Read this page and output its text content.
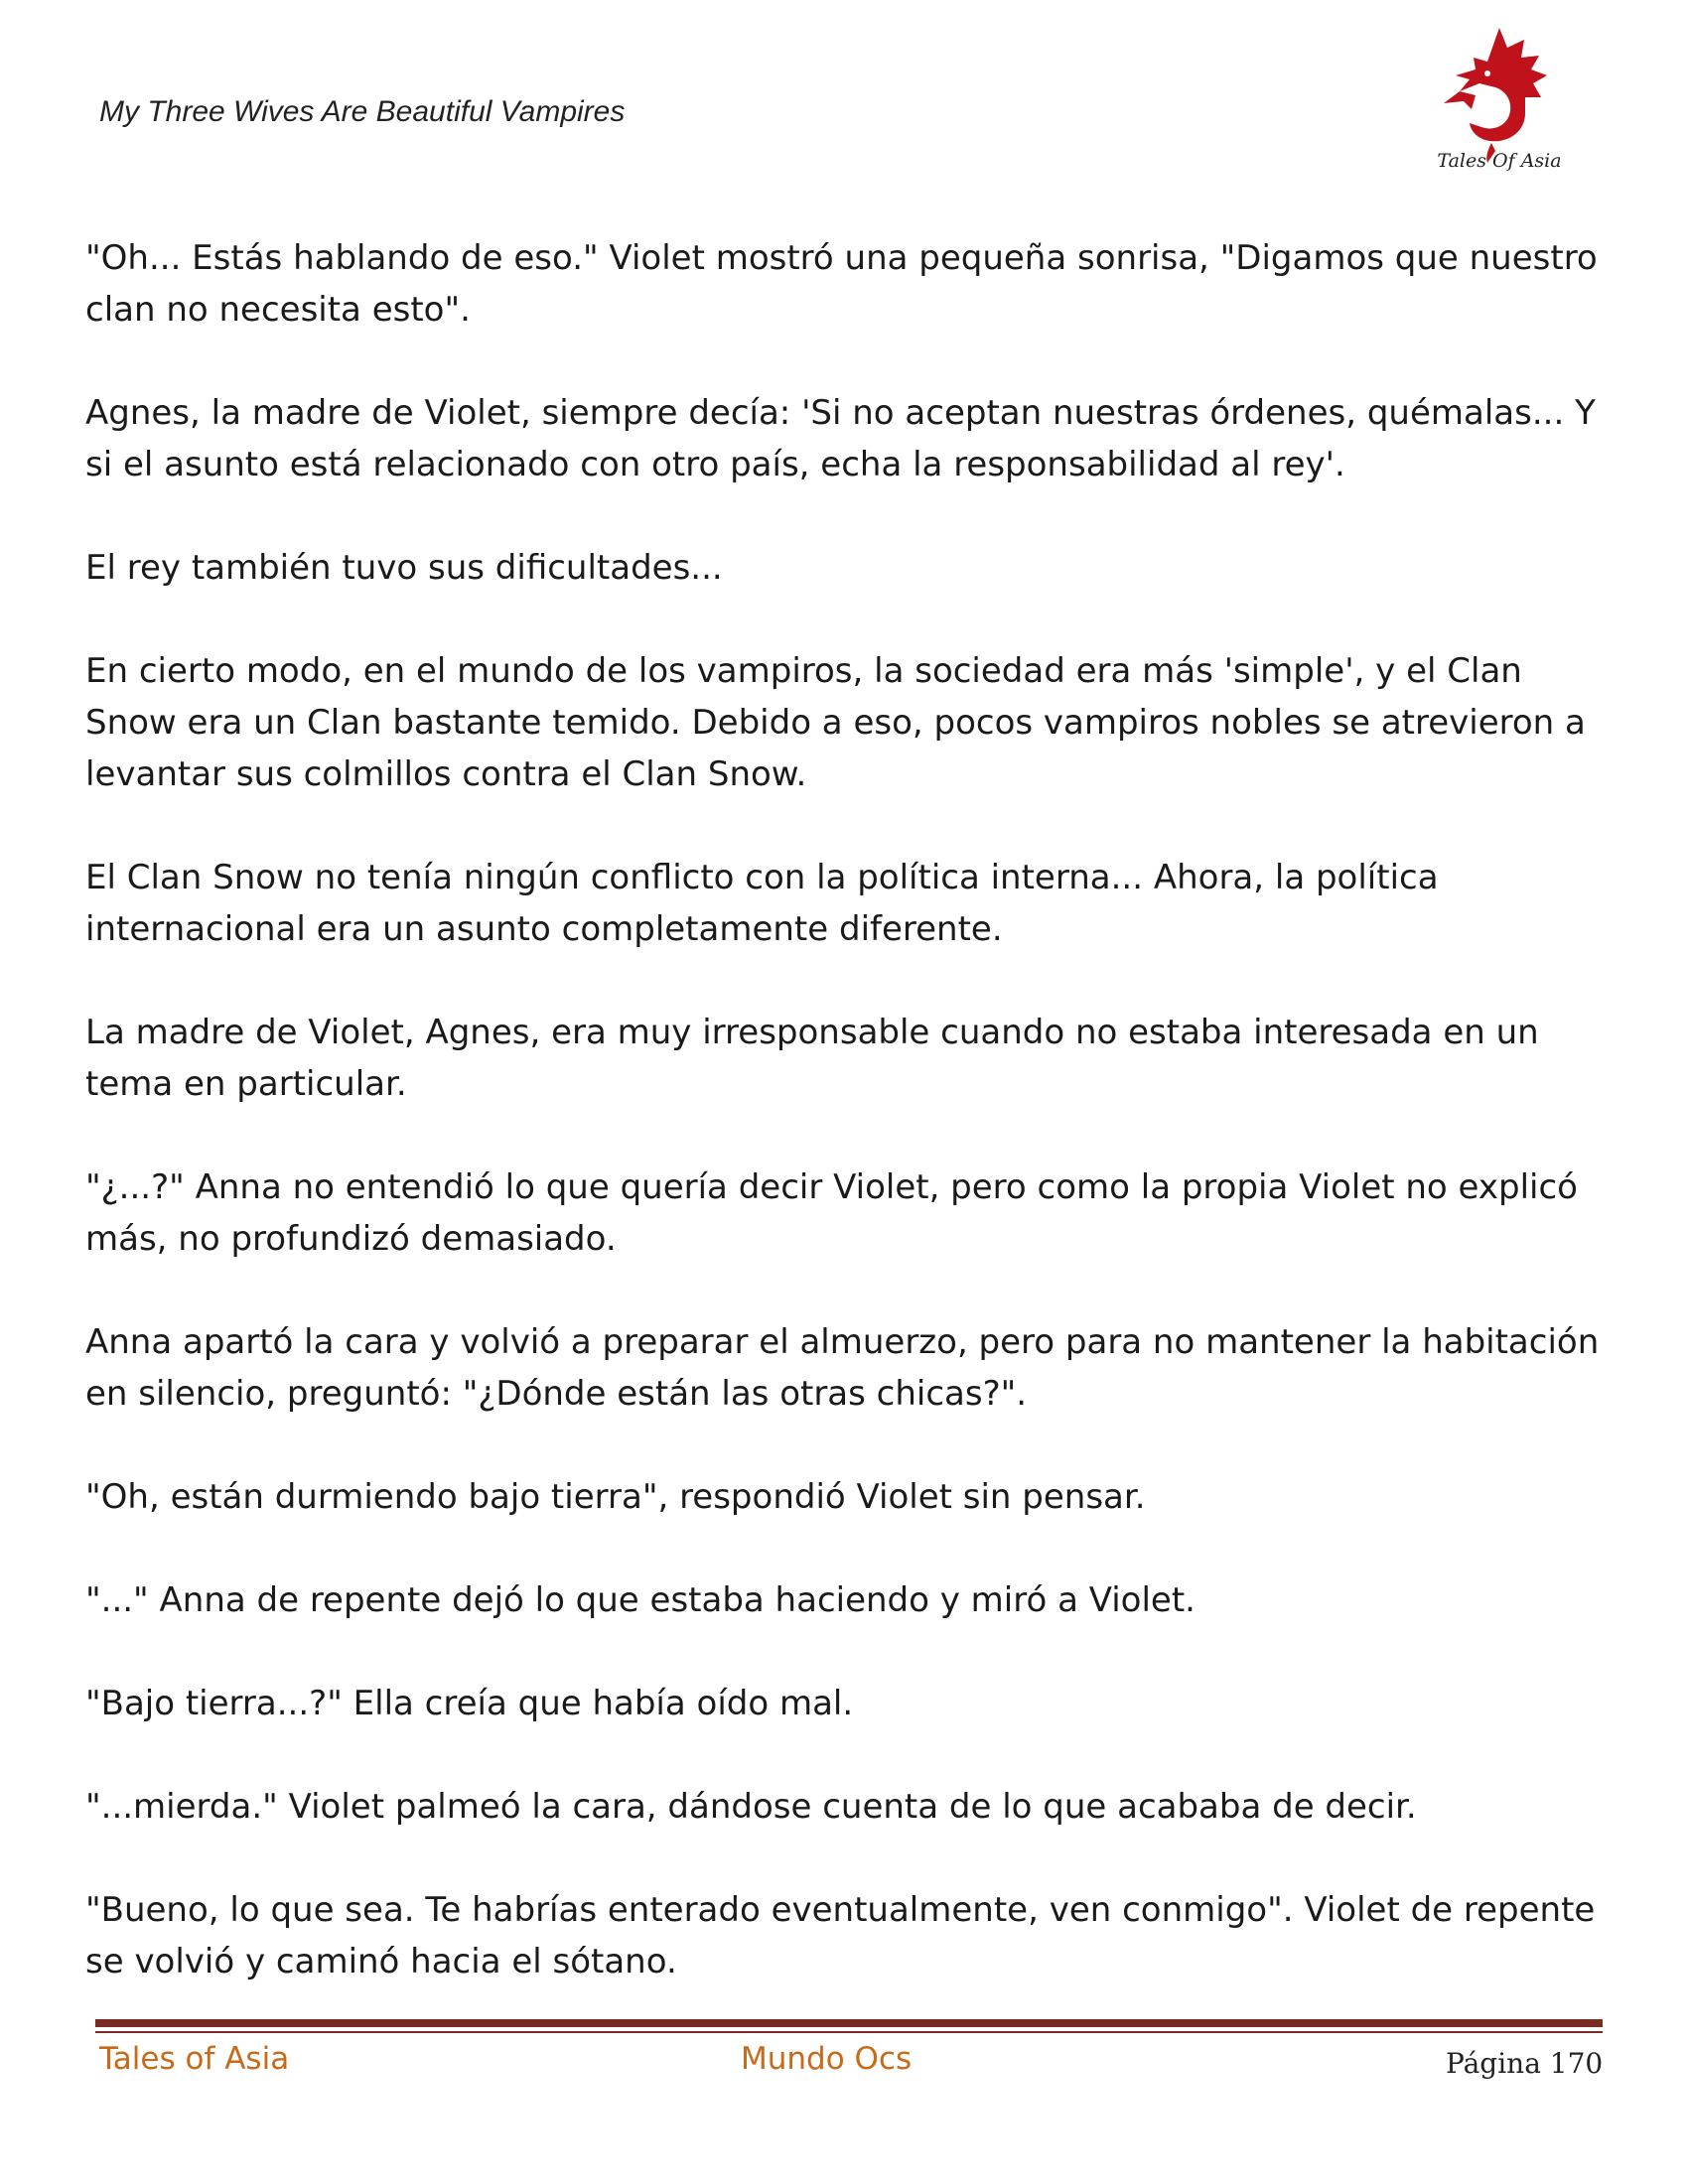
My Three Wives Are Beautiful Vampires
Tales Of Asia

"Oh... Estás hablando de eso." Violet mostró una pequeña sonrisa, "Digamos que nuestro clan no necesita esto".

Agnes, la madre de Violet, siempre decía: 'Si no aceptan nuestras órdenes, quémalas... Y si el asunto está relacionado con otro país, echa la responsabilidad al rey'.

El rey también tuvo sus dificultades...

En cierto modo, en el mundo de los vampiros, la sociedad era más 'simple', y el Clan Snow era un Clan bastante temido. Debido a eso, pocos vampiros nobles se atrevieron a levantar sus colmillos contra el Clan Snow.

El Clan Snow no tenía ningún conflicto con la política interna... Ahora, la política internacional era un asunto completamente diferente.

La madre de Violet, Agnes, era muy irresponsable cuando no estaba interesada en un tema en particular.

"¿...?" Anna no entendió lo que quería decir Violet, pero como la propia Violet no explicó más, no profundizó demasiado.

Anna apartó la cara y volvió a preparar el almuerzo, pero para no mantener la habitación en silencio, preguntó: "¿Dónde están las otras chicas?".

"Oh, están durmiendo bajo tierra", respondió Violet sin pensar.

"..." Anna de repente dejó lo que estaba haciendo y miró a Violet.

"Bajo tierra...?" Ella creía que había oído mal.

"...mierda." Violet palmeó la cara, dándose cuenta de lo que acababa de decir.

"Bueno, lo que sea. Te habrías enterado eventualmente, ven conmigo". Violet de repente se volvió y caminó hacia el sótano.

Tales of Asia	Mundo Ocs	Página 170
